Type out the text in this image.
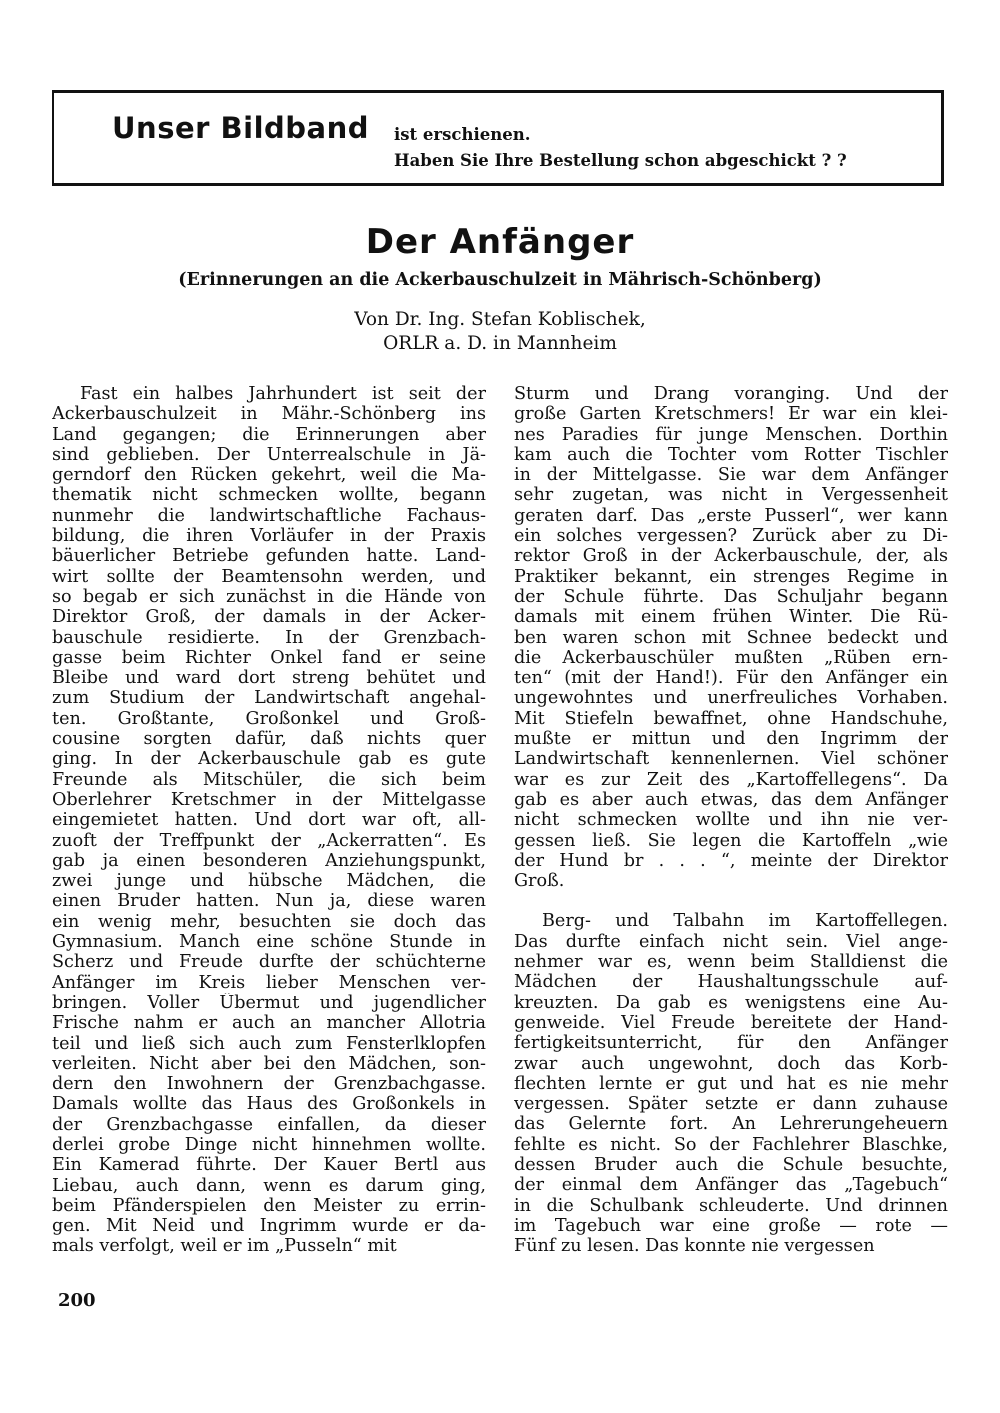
Unser Bildband ist erschienen.
Haben Sie Ihre Bestellung schon abgeschickt ? ?
Der Anfänger
(Erinnerungen an die Ackerbauschulzeit in Mährisch-Schönberg)
Von Dr. Ing. Stefan Koblischek,
ORLR a. D. in Mannheim
Fast ein halbes Jahrhundert ist seit der
Ackerbauschulzeit in Mähr.-Schönberg ins
Land gegangen; die Erinnerungen aber
sind geblieben. Der Unterrealschule in Jä-
gerndorf den Rücken gekehrt, weil die Ma-
thematik nicht schmecken wollte, begann
nunmehr die landwirtschaftliche Fachaus-
bildung, die ihren Vorläufer in der Praxis
bäuerlicher Betriebe gefunden hatte. Land-
wirt sollte der Beamtensohn werden, und
so begab er sich zunächst in die Hände von
Direktor Groß, der damals in der Acker-
bauschule residierte. In der Grenzbach-
gasse beim Richter Onkel fand er seine
Bleibe und ward dort streng behütet und
zum Studium der Landwirtschaft angehal-
ten. Großtante, Großonkel und Groß-
cousine sorgten dafür, daß nichts quer
ging. In der Ackerbauschule gab es gute
Freunde als Mitschüler, die sich beim
Oberlehrer Kretschmer in der Mittelgasse
eingemietet hatten. Und dort war oft, all-
zuoft der Treffpunkt der „Ackerratten“. Es
gab ja einen besonderen Anziehungspunkt,
zwei junge und hübsche Mädchen, die
einen Bruder hatten. Nun ja, diese waren
ein wenig mehr, besuchten sie doch das
Gymnasium. Manch eine schöne Stunde in
Scherz und Freude durfte der schüchterne
Anfänger im Kreis lieber Menschen ver-
bringen. Voller Übermut und jugendlicher
Frische nahm er auch an mancher Allotria
teil und ließ sich auch zum Fensterlklopfen
verleiten. Nicht aber bei den Mädchen, son-
dern den Inwohnern der Grenzbachgasse.
Damals wollte das Haus des Großonkels in
der Grenzbachgasse einfallen, da dieser
derlei grobe Dinge nicht hinnehmen wollte.
Ein Kamerad führte. Der Kauer Bertl aus
Liebau, auch dann, wenn es darum ging,
beim Pfänderspielen den Meister zu errin-
gen. Mit Neid und Ingrimm wurde er da-
mals verfolgt, weil er im „Pusseln“ mit
Sturm und Drang voranging. Und der
große Garten Kretschmers! Er war ein klei-
nes Paradies für junge Menschen. Dorthin
kam auch die Tochter vom Rotter Tischler
in der Mittelgasse. Sie war dem Anfänger
sehr zugetan, was nicht in Vergessenheit
geraten darf. Das „erste Pusserl“, wer kann
ein solches vergessen? Zurück aber zu Di-
rektor Groß in der Ackerbauschule, der, als
Praktiker bekannt, ein strenges Regime in
der Schule führte. Das Schuljahr begann
damals mit einem frühen Winter. Die Rü-
ben waren schon mit Schnee bedeckt und
die Ackerbauschüler mußten „Rüben ern-
ten“ (mit der Hand!). Für den Anfänger ein
ungewohntes und unerfreuliches Vorhaben.
Mit Stiefeln bewaffnet, ohne Handschuhe,
mußte er mittun und den Ingrimm der
Landwirtschaft kennenlernen. Viel schöner
war es zur Zeit des „Kartoffellegens“. Da
gab es aber auch etwas, das dem Anfänger
nicht schmecken wollte und ihn nie ver-
gessen ließ. Sie legen die Kartoffeln „wie
der Hund br . . . “, meinte der Direktor
Groß.
Berg- und Talbahn im Kartoffellegen.
Das durfte einfach nicht sein. Viel ange-
nehmer war es, wenn beim Stalldienst die
Mädchen der Haushaltungsschule auf-
kreuzten. Da gab es wenigstens eine Au-
genweide. Viel Freude bereitete der Hand-
fertigkeitsunterricht, für den Anfänger
zwar auch ungewohnt, doch das Korb-
flechten lernte er gut und hat es nie mehr
vergessen. Später setzte er dann zuhause
das Gelernte fort. An Lehrerungeheuern
fehlte es nicht. So der Fachlehrer Blaschke,
dessen Bruder auch die Schule besuchte,
der einmal dem Anfänger das „Tagebuch“
in die Schulbank schleuderte. Und drinnen
im Tagebuch war eine große — rote —
Fünf zu lesen. Das konnte nie vergessen
200
